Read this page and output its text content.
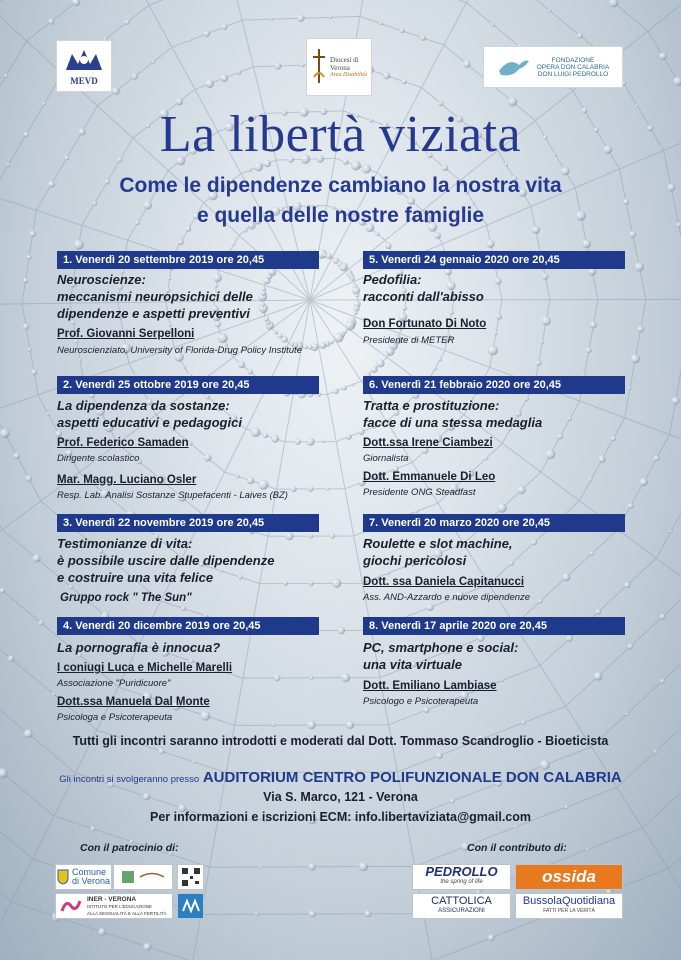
MEVD
Diocesi di
Verona
Area Disabilità
FONDAZIONE
OPERA DON CALABRIA
DON LUIGI PEDROLLO
La libertà viziata
Come le dipendenze cambiano la nostra vita
e quella delle nostre famiglie
1. Venerdì 20 settembre 2019 ore 20,45
Neuroscienze:
meccanismi neuropsichici delle
dipendenze e aspetti preventivi
Prof. Giovanni Serpelloni
Neuroscienziato, University of Florida-Drug Policy Institute
5. Venerdì 24 gennaio 2020 ore 20,45
Pedofilia:
racconti dall'abisso
Don Fortunato Di Noto
Presidente di METER
2. Venerdì 25 ottobre 2019 ore 20,45
La dipendenza da sostanze:
aspetti educativi e pedagogici
Prof. Federico Samaden
Dirigente scolastico
Mar. Magg. Luciano Osler
Resp. Lab. Analisi Sostanze Stupefacenti - Laives (BZ)
6. Venerdì 21 febbraio 2020 ore 20,45
Tratta e prostituzione:
facce di una stessa medaglia
Dott.ssa Irene Ciambezi
Giornalista
Dott. Emmanuele Di Leo
Presidente ONG Steadfast
3. Venerdì 22 novembre 2019 ore 20,45
Testimonianze di vita:
è possibile uscire dalle dipendenze
e costruire una vita felice
Gruppo rock " The Sun"
7. Venerdì 20 marzo 2020 ore 20,45
Roulette e slot machine,
giochi pericolosi
Dott. ssa Daniela Capitanucci
Ass. AND-Azzardo e nuove dipendenze
4. Venerdì 20 dicembre 2019 ore 20,45
La pornografia è innocua?
I coniugi Luca e Michelle Marelli
Associazione "Puridicuore"
Dott.ssa Manuela Dal Monte
Psicologa e Psicoterapeuta
8. Venerdì 17 aprile 2020 ore 20,45
PC, smartphone e social:
una vita virtuale
Dott. Emiliano Lambiase
Psicologo e Psicoterapeuta
Tutti gli incontri saranno introdotti e moderati dal Dott. Tommaso Scandroglio - Bioeticista
Gli incontri si svolgeranno presso AUDITORIUM CENTRO POLIFUNZIONALE DON CALABRIA
Via S. Marco, 121 - Verona
Per informazioni e iscrizioni ECM: info.libertaviziata@gmail.com
Con il patrocinio di:	Con il contributo di:
Comune
di Verona
INER - VERONA
ISTITUTO PER L'EDUCAZIONE
ALLA SESSUALITÀ E ALLA FERTILITÀ
PEDROLLO
the spring of life	ossida
CATTOLICA
ASSICURAZIONI
BussolaQuotidiana
FATTI PER LA VERITÀ
